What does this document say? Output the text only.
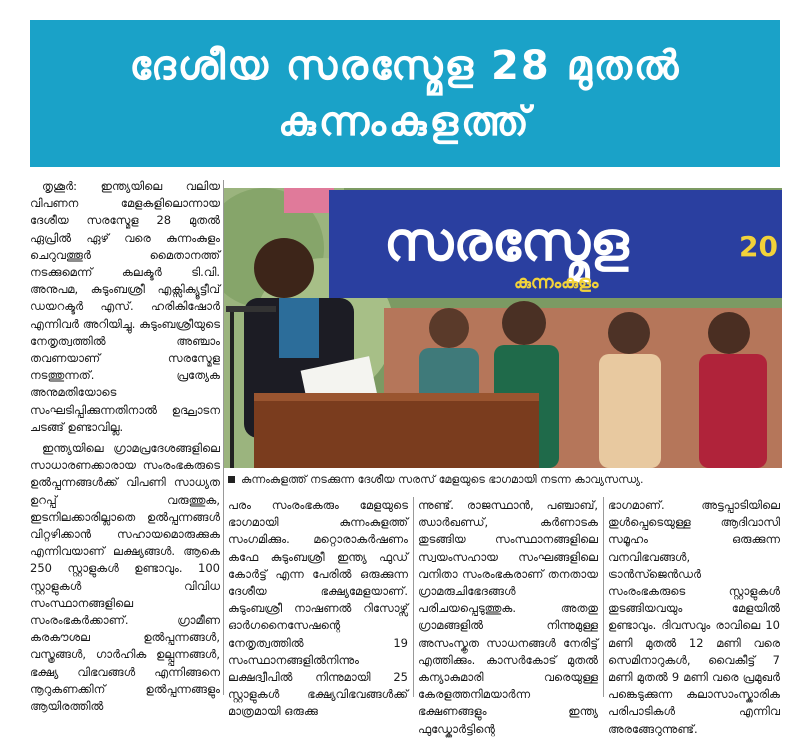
ദേശീയ സരസ്മേള 28 മുതൽ
കുന്നംകുളത്ത്

തൃശൂർ: ഇന്ത്യയിലെ വലിയ വിപണന മേളകളിലൊന്നായ ദേശീയ സരസ്മേള 28 മുതൽ ഏപ്രിൽ ഏഴ് വരെ കുന്നംകുളം ചെറുവത്തൂർ മൈതാനത്ത് നടക്കുമെന്ന് കലക്ടർ ടി.വി. അനുപമ, കുടുംബശ്രീ എക്സിക്യൂട്ടീവ് ഡയറക്ടർ എസ്. ഹരികിഷോർ എന്നിവർ അറിയിച്ചു. കുടുംബശ്രീയുടെ നേതൃത്വത്തിൽ അഞ്ചാം തവണയാണ് സരസ്മേള നടത്തുന്നത്. പ്രത്യേക അനുമതിയോടെ സംഘടിപ്പിക്കുന്നതിനാൽ ഉദ്ഘാടന ചടങ്ങ് ഉണ്ടാവില്ല.

ഇന്ത്യയിലെ ഗ്രാമപ്രദേശങ്ങളിലെ സാധാരണക്കാരായ സംരംഭകരുടെ ഉൽപ്പന്നങ്ങൾക്ക് വിപണി സാധ്യത ഉറപ്പ് വരുത്തുക, ഇടനിലക്കാരില്ലാതെ ഉൽപ്പന്നങ്ങൾ വിറ്റഴിക്കാൻ സഹായമൊരുക്കുക എന്നിവയാണ് ലക്ഷ്യങ്ങൾ. ആകെ 250 സ്റ്റാളുകൾ ഉണ്ടാവും. 100 സ്റ്റാളുകൾ വിവിധ സംസ്ഥാനങ്ങളിലെ സംരംഭകർക്കാണ്. ഗ്രാമീണ കരകൗശല ഉൽപ്പന്നങ്ങൾ, വസ്ത്രങ്ങൾ, ഗാർഹിക ഉല്പ്പന്നങ്ങൾ, ഭക്ഷ്യ വിഭവങ്ങൾ എന്നിങ്ങനെ നൂറുകണക്കിന് ഉൽപ്പന്നങ്ങളും ആയിരത്തിൽ

സരസ്മേള	20
കുന്നംകുളം
കുന്നംകുളത്ത് നടക്കുന്ന ദേശീയ സരസ് മേളയുടെ ഭാഗമായി നടന്ന കാവ്യസന്ധ്യ.

പരം സംരംഭകരും മേളയുടെ ഭാഗമായി കുന്നംകുളത്ത് സംഗമിക്കും. മറ്റൊരാകർഷണം കഫേ കുടുംബശ്രീ ഇന്ത്യ ഫുഡ് കോർട്ട് എന്ന പേരിൽ ഒരുക്കുന്ന ദേശീയ ഭക്ഷ്യമേളയാണ്. കുടുംബശ്രീ നാഷണൽ റിസോഴ്സ് ഓർഗനൈസേഷന്റെ നേതൃത്വത്തിൽ 19 സംസ്ഥാനങ്ങളിൽനിന്നും ലക്ഷദ്വീപിൽ നിന്നുമായി 25 സ്റ്റാളുകൾ ഭക്ഷ്യവിഭവങ്ങൾക്ക് മാത്രമായി ഒരുക്കു

ന്നുണ്ട്. രാജസ്ഥാൻ, പഞ്ചാബ്, ഝാർഖണ്ഡ്, കർണാടക തുടങ്ങിയ സംസ്ഥാനങ്ങളിലെ സ്വയംസഹായ സംഘങ്ങളിലെ വനിതാ സംരംഭകരാണ് തനതായ ഗ്രാമരുചിഭേദങ്ങൾ പരിചയപ്പെടുത്തുക. അതതു ഗ്രാമങ്ങളിൽ നിന്നുമുള്ള അസംസ്കൃത സാധനങ്ങൾ നേരിട്ട് എത്തിക്കും. കാസർകോട് മുതൽ കന്യാകുമാരി വരെയുള്ള കേരളത്തനിമയാർന്ന ഭക്ഷണങ്ങളും ഇന്ത്യ ഫുഡ്കോർട്ടിന്റെ

ഭാഗമാണ്. അട്ടപ്പാടിയിലെ തുൾപ്പെടെയുള്ള ആദിവാസി സമൂഹം ഒരുക്കുന്ന വനവിഭവങ്ങൾ, ട്രാൻസ്ജെൻഡർ സംരംഭകരുടെ സ്റ്റാളുകൾ തുടങ്ങിയവയും മേളയിൽ ഉണ്ടാവും. ദിവസവും രാവിലെ 10 മണി മുതൽ 12 മണി വരെ സെമിനാറുകൾ, വൈകീട്ട് 7 മണി മുതൽ 9 മണി വരെ പ്രമുഖർ പങ്കെടുക്കുന്ന കലാസാംസ്കാരിക പരിപാടികൾ എന്നിവ അരങ്ങേറുന്നുണ്ട്.
